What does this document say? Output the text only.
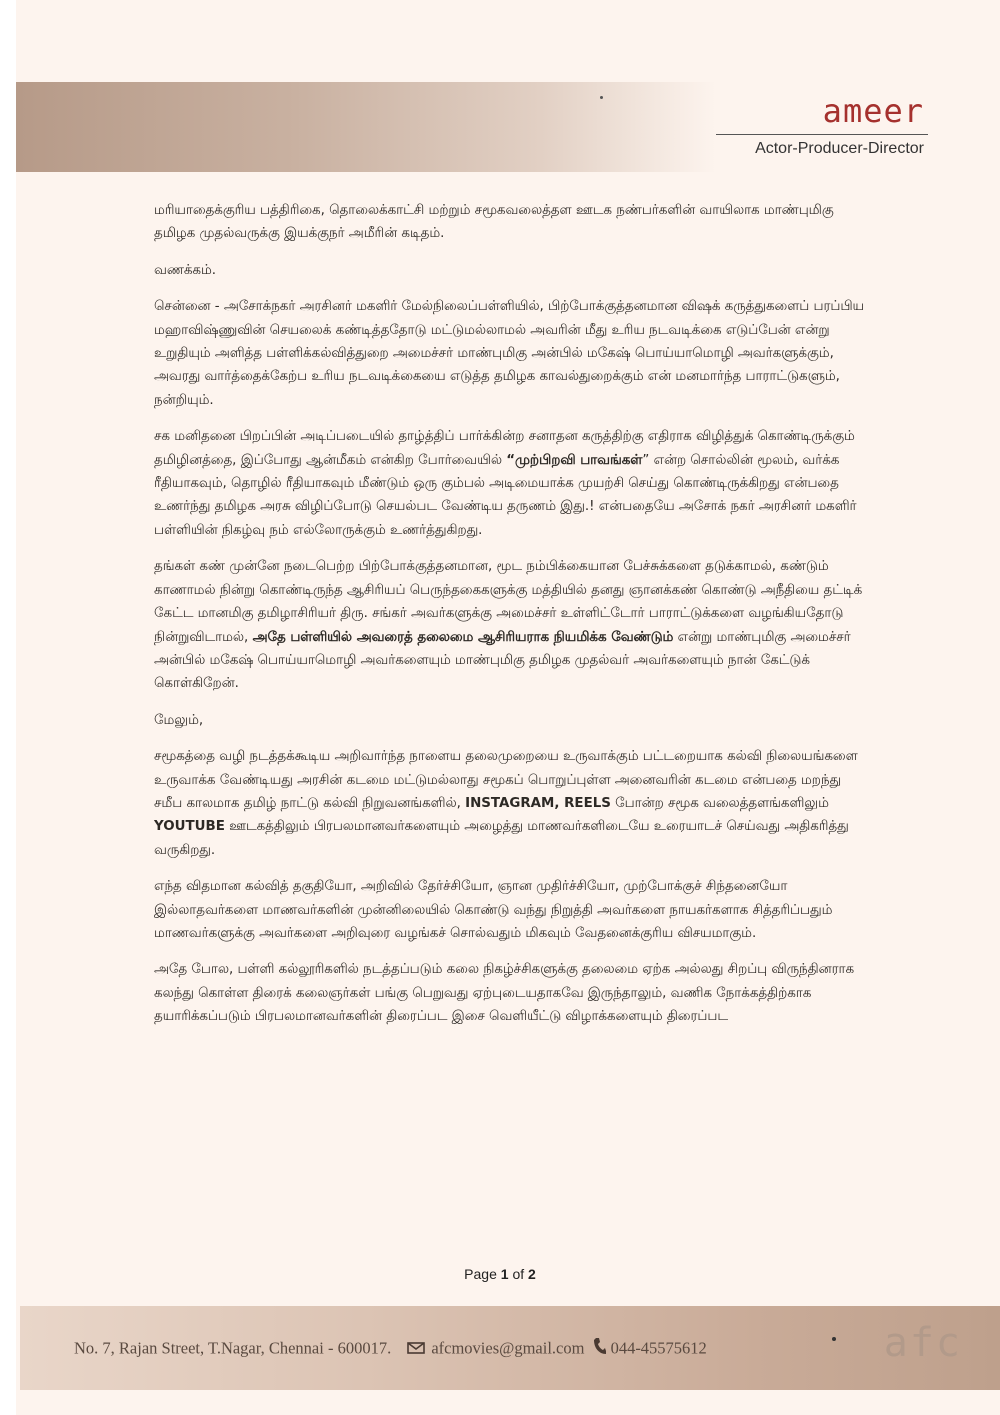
ameer
Actor-Producer-Director

மரியாதைக்குரிய பத்திரிகை, தொலைக்காட்சி மற்றும் சமூகவலைத்தள ஊடக நண்பர்களின் வாயிலாக மாண்புமிகு தமிழக முதல்வருக்கு இயக்குநர் அமீரின் கடிதம்.

வணக்கம்.

சென்னை - அசோக்நகர் அரசினர் மகளிர் மேல்நிலைப்பள்ளியில், பிற்போக்குத்தனமான விஷக் கருத்துகளைப் பரப்பிய மஹாவிஷ்ணுவின் செயலைக் கண்டித்ததோடு மட்டுமல்லாமல் அவரின் மீது உரிய நடவடிக்கை எடுப்பேன் என்று உறுதியும் அளித்த பள்ளிக்கல்வித்துறை அமைச்சர் மாண்புமிகு அன்பில் மகேஷ் பொய்யாமொழி அவர்களுக்கும், அவரது வார்த்தைக்கேற்ப உரிய நடவடிக்கையை எடுத்த தமிழக காவல்துறைக்கும் என் மனமார்ந்த பாராட்டுகளும், நன்றியும்.

சக மனிதனை பிறப்பின் அடிப்படையில் தாழ்த்திப் பார்க்கின்ற சனாதன கருத்திற்கு எதிராக விழித்துக் கொண்டிருக்கும் தமிழினத்தை, இப்போது ஆன்மீகம் என்கிற போர்வையில் “முற்பிறவி பாவங்கள்” என்ற சொல்லின் மூலம், வர்க்க ரீதியாகவும், தொழில் ரீதியாகவும் மீண்டும் ஒரு கும்பல் அடிமையாக்க முயற்சி செய்து கொண்டிருக்கிறது என்பதை உணர்ந்து தமிழக அரசு விழிப்போடு செயல்பட வேண்டிய தருணம் இது.! என்பதையே அசோக் நகர் அரசினர் மகளிர் பள்ளியின் நிகழ்வு நம் எல்லோருக்கும் உணர்த்துகிறது.

தங்கள் கண் முன்னே நடைபெற்ற பிற்போக்குத்தனமான, மூட நம்பிக்கையான பேச்சுக்களை தடுக்காமல், கண்டும் காணாமல் நின்று கொண்டிருந்த ஆசிரியப் பெருந்தகைகளுக்கு மத்தியில் தனது ஞானக்கண் கொண்டு அநீதியை தட்டிக் கேட்ட மானமிகு தமிழாசிரியர் திரு. சங்கர் அவர்களுக்கு அமைச்சர் உள்ளிட்டோர் பாராட்டுக்களை வழங்கியதோடு நின்றுவிடாமல், அதே பள்ளியில் அவரைத் தலைமை ஆசிரியராக நியமிக்க வேண்டும் என்று மாண்புமிகு அமைச்சர் அன்பில் மகேஷ் பொய்யாமொழி அவர்களையும் மாண்புமிகு தமிழக முதல்வர் அவர்களையும் நான் கேட்டுக் கொள்கிறேன்.

மேலும்,

சமூகத்தை வழி நடத்தக்கூடிய அறிவார்ந்த நாளைய தலைமுறையை உருவாக்கும் பட்டறையாக கல்வி நிலையங்களை உருவாக்க வேண்டியது அரசின் கடமை மட்டுமல்லாது சமூகப் பொறுப்புள்ள அனைவரின் கடமை என்பதை மறந்து சமீப காலமாக தமிழ் நாட்டு கல்வி நிறுவனங்களில், INSTAGRAM, REELS போன்ற சமூக வலைத்தளங்களிலும் YOUTUBE ஊடகத்திலும் பிரபலமானவர்களையும் அழைத்து மாணவர்களிடையே உரையாடச் செய்வது அதிகரித்து வருகிறது.

எந்த விதமான கல்வித் தகுதியோ, அறிவில் தேர்ச்சியோ, ஞான முதிர்ச்சியோ, முற்போக்குச் சிந்தனையோ இல்லாதவர்களை மாணவர்களின் முன்னிலையில் கொண்டு வந்து நிறுத்தி அவர்களை நாயகர்களாக சித்தரிப்பதும் மாணவர்களுக்கு அவர்களை அறிவுரை வழங்கச் சொல்வதும் மிகவும் வேதனைக்குரிய விசயமாகும்.

அதே போல, பள்ளி கல்லூரிகளில் நடத்தப்படும் கலை நிகழ்ச்சிகளுக்கு தலைமை ஏற்க அல்லது சிறப்பு விருந்தினராக கலந்து கொள்ள திரைக் கலைஞர்கள் பங்கு பெறுவது ஏற்புடையதாகவே இருந்தாலும், வணிக நோக்கத்திற்காக தயாரிக்கப்படும் பிரபலமானவர்களின் திரைப்பட இசை வெளியீட்டு விழாக்களையும் திரைப்பட

Page 1 of 2
No. 7, Rajan Street, T.Nagar, Chennai - 600017. afcmovies@gmail.com 044-45575612	afc
